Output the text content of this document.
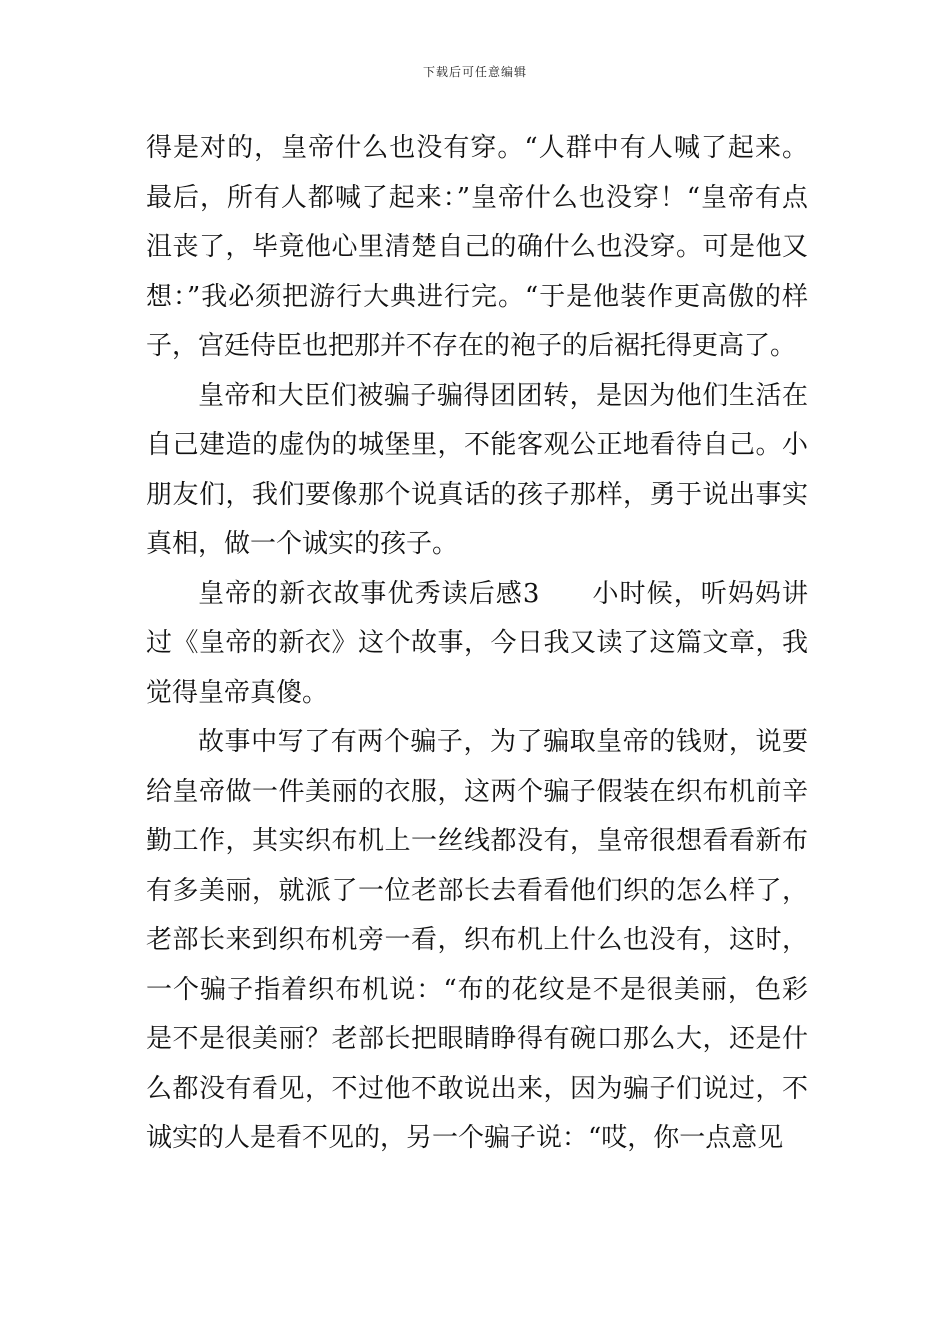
下载后可任意编辑

得是对的，皇帝什么也没有穿。“人群中有人喊了起来。最后，所有人都喊了起来：”皇帝什么也没穿！“皇帝有点沮丧了，毕竟他心里清楚自己的确什么也没穿。可是他又想：”我必须把游行大典进行完。“于是他装作更高傲的样子，宫廷侍臣也把那并不存在的袍子的后裾托得更高了。

皇帝和大臣们被骗子骗得团团转，是因为他们生活在自己建造的虚伪的城堡里，不能客观公正地看待自己。小朋友们，我们要像那个说真话的孩子那样，勇于说出事实真相，做一个诚实的孩子。

皇帝的新衣故事优秀读后感3 小时候，听妈妈讲过《皇帝的新衣》这个故事，今日我又读了这篇文章，我觉得皇帝真傻。

故事中写了有两个骗子，为了骗取皇帝的钱财，说要给皇帝做一件美丽的衣服，这两个骗子假装在织布机前辛勤工作，其实织布机上一丝线都没有，皇帝很想看看新布有多美丽，就派了一位老部长去看看他们织的怎么样了，老部长来到织布机旁一看，织布机上什么也没有，这时，一个骗子指着织布机说：“布的花纹是不是很美丽，色彩是不是很美丽？老部长把眼睛睁得有碗口那么大，还是什么都没有看见，不过他不敢说出来，因为骗子们说过，不诚实的人是看不见的，另一个骗子说：“哎，你一点意见
